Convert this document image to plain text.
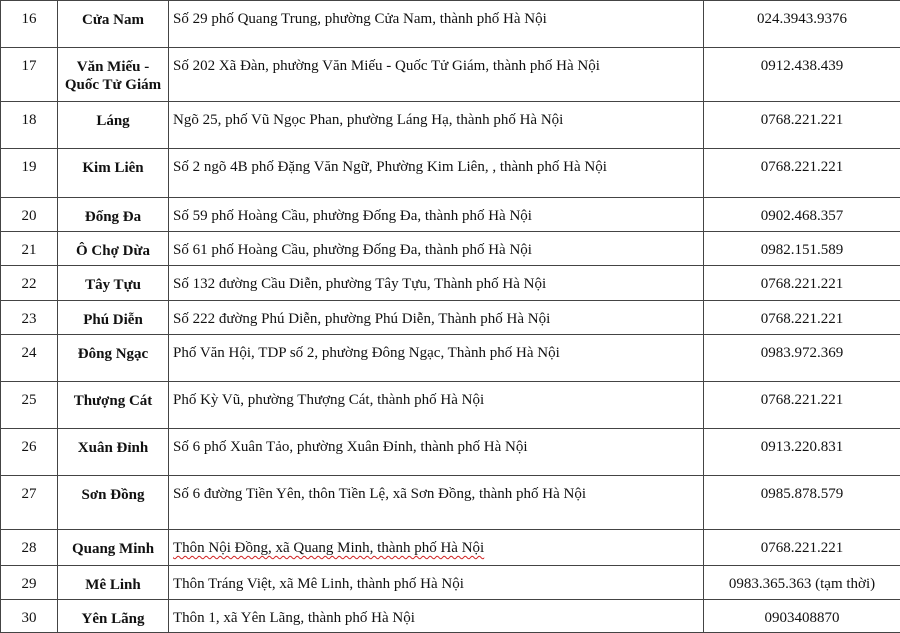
16	Cửa Nam	Số 29 phố Quang Trung, phường Cửa Nam, thành phố Hà Nội	024.3943.9376
17	Văn Miếu - Quốc Tử Giám	Số 202 Xã Đàn, phường Văn Miếu - Quốc Tử Giám, thành phố Hà Nội	0912.438.439
18	Láng	Ngõ 25, phố Vũ Ngọc Phan, phường Láng Hạ, thành phố Hà Nội	0768.221.221
19	Kim Liên	Số 2 ngõ 4B phố Đặng Văn Ngữ, Phường Kim Liên, , thành phố Hà Nội	0768.221.221
20	Đống Đa	Số 59 phố Hoàng Cầu, phường Đống Đa, thành phố Hà Nội	0902.468.357
21	Ô Chợ Dừa	Số 61 phố Hoàng Cầu, phường Đống Đa, thành phố Hà Nội	0982.151.589
22	Tây Tựu	Số 132 đường Cầu Diễn, phường Tây Tựu, Thành phố Hà Nội	0768.221.221
23	Phú Diễn	Số 222 đường Phú Diễn, phường Phú Diễn, Thành phố Hà Nội	0768.221.221
24	Đông Ngạc	Phố Văn Hội, TDP số 2, phường Đông Ngạc, Thành phố Hà Nội	0983.972.369
25	Thượng Cát	Phố Kỳ Vũ, phường Thượng Cát, thành phố Hà Nội	0768.221.221
26	Xuân Đỉnh	Số 6 phố Xuân Tảo, phường Xuân Đỉnh, thành phố Hà Nội	0913.220.831
27	Sơn Đồng	Số 6 đường Tiền Yên, thôn Tiền Lệ, xã Sơn Đồng, thành phố Hà Nội	0985.878.579
28	Quang Minh	Thôn Nội Đồng, xã Quang Minh, thành phố Hà Nội	0768.221.221
29	Mê Linh	Thôn Tráng Việt, xã Mê Linh, thành phố Hà Nội	0983.365.363 (tạm thời)
30	Yên Lãng	Thôn 1, xã Yên Lãng, thành phố Hà Nội	0903408870
